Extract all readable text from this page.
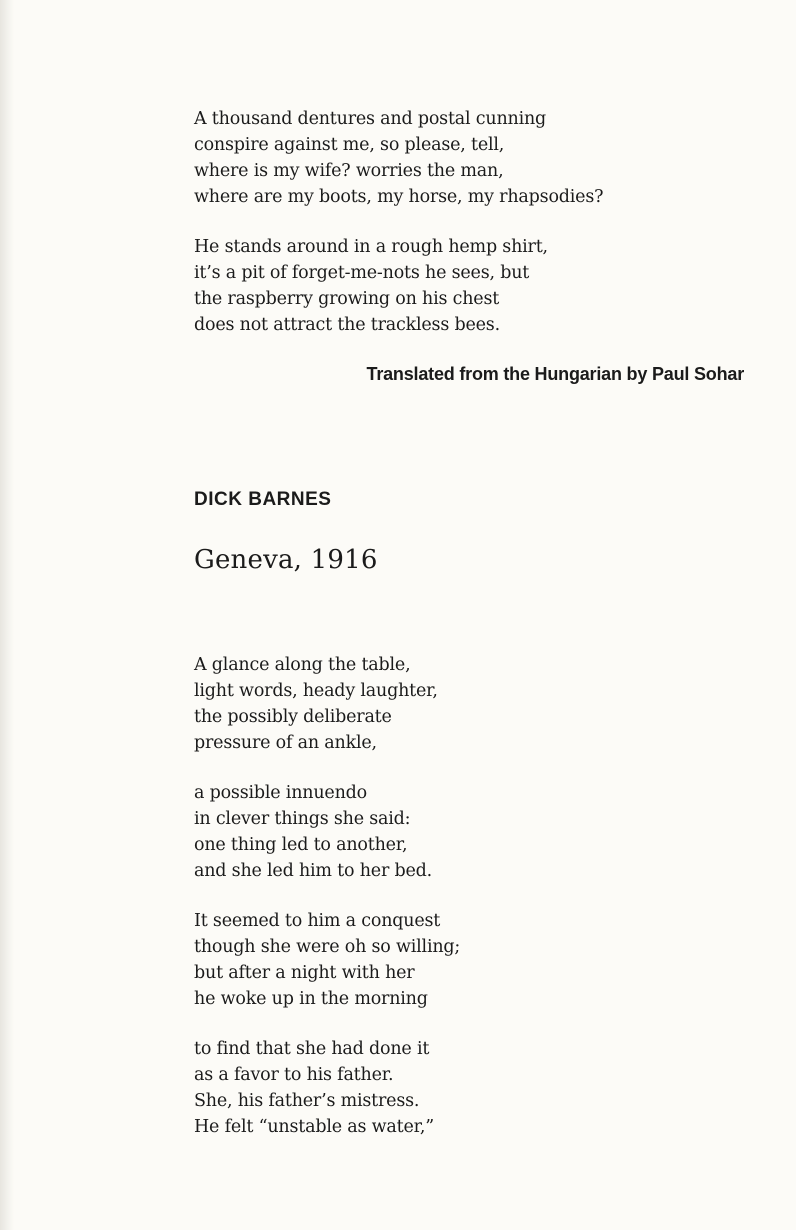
A thousand dentures and postal cunning
conspire against me, so please, tell,
where is my wife? worries the man,
where are my boots, my horse, my rhapsodies?
He stands around in a rough hemp shirt,
it’s a pit of forget-me-nots he sees, but
the raspberry growing on his chest
does not attract the trackless bees.
Translated from the Hungarian by Paul Sohar
DICK BARNES
Geneva, 1916
A glance along the table,
light words, heady laughter,
the possibly deliberate
pressure of an ankle,
a possible innuendo
in clever things she said:
one thing led to another,
and she led him to her bed.
It seemed to him a conquest
though she were oh so willing;
but after a night with her
he woke up in the morning
to find that she had done it
as a favor to his father.
She, his father’s mistress.
He felt “unstable as water,”
